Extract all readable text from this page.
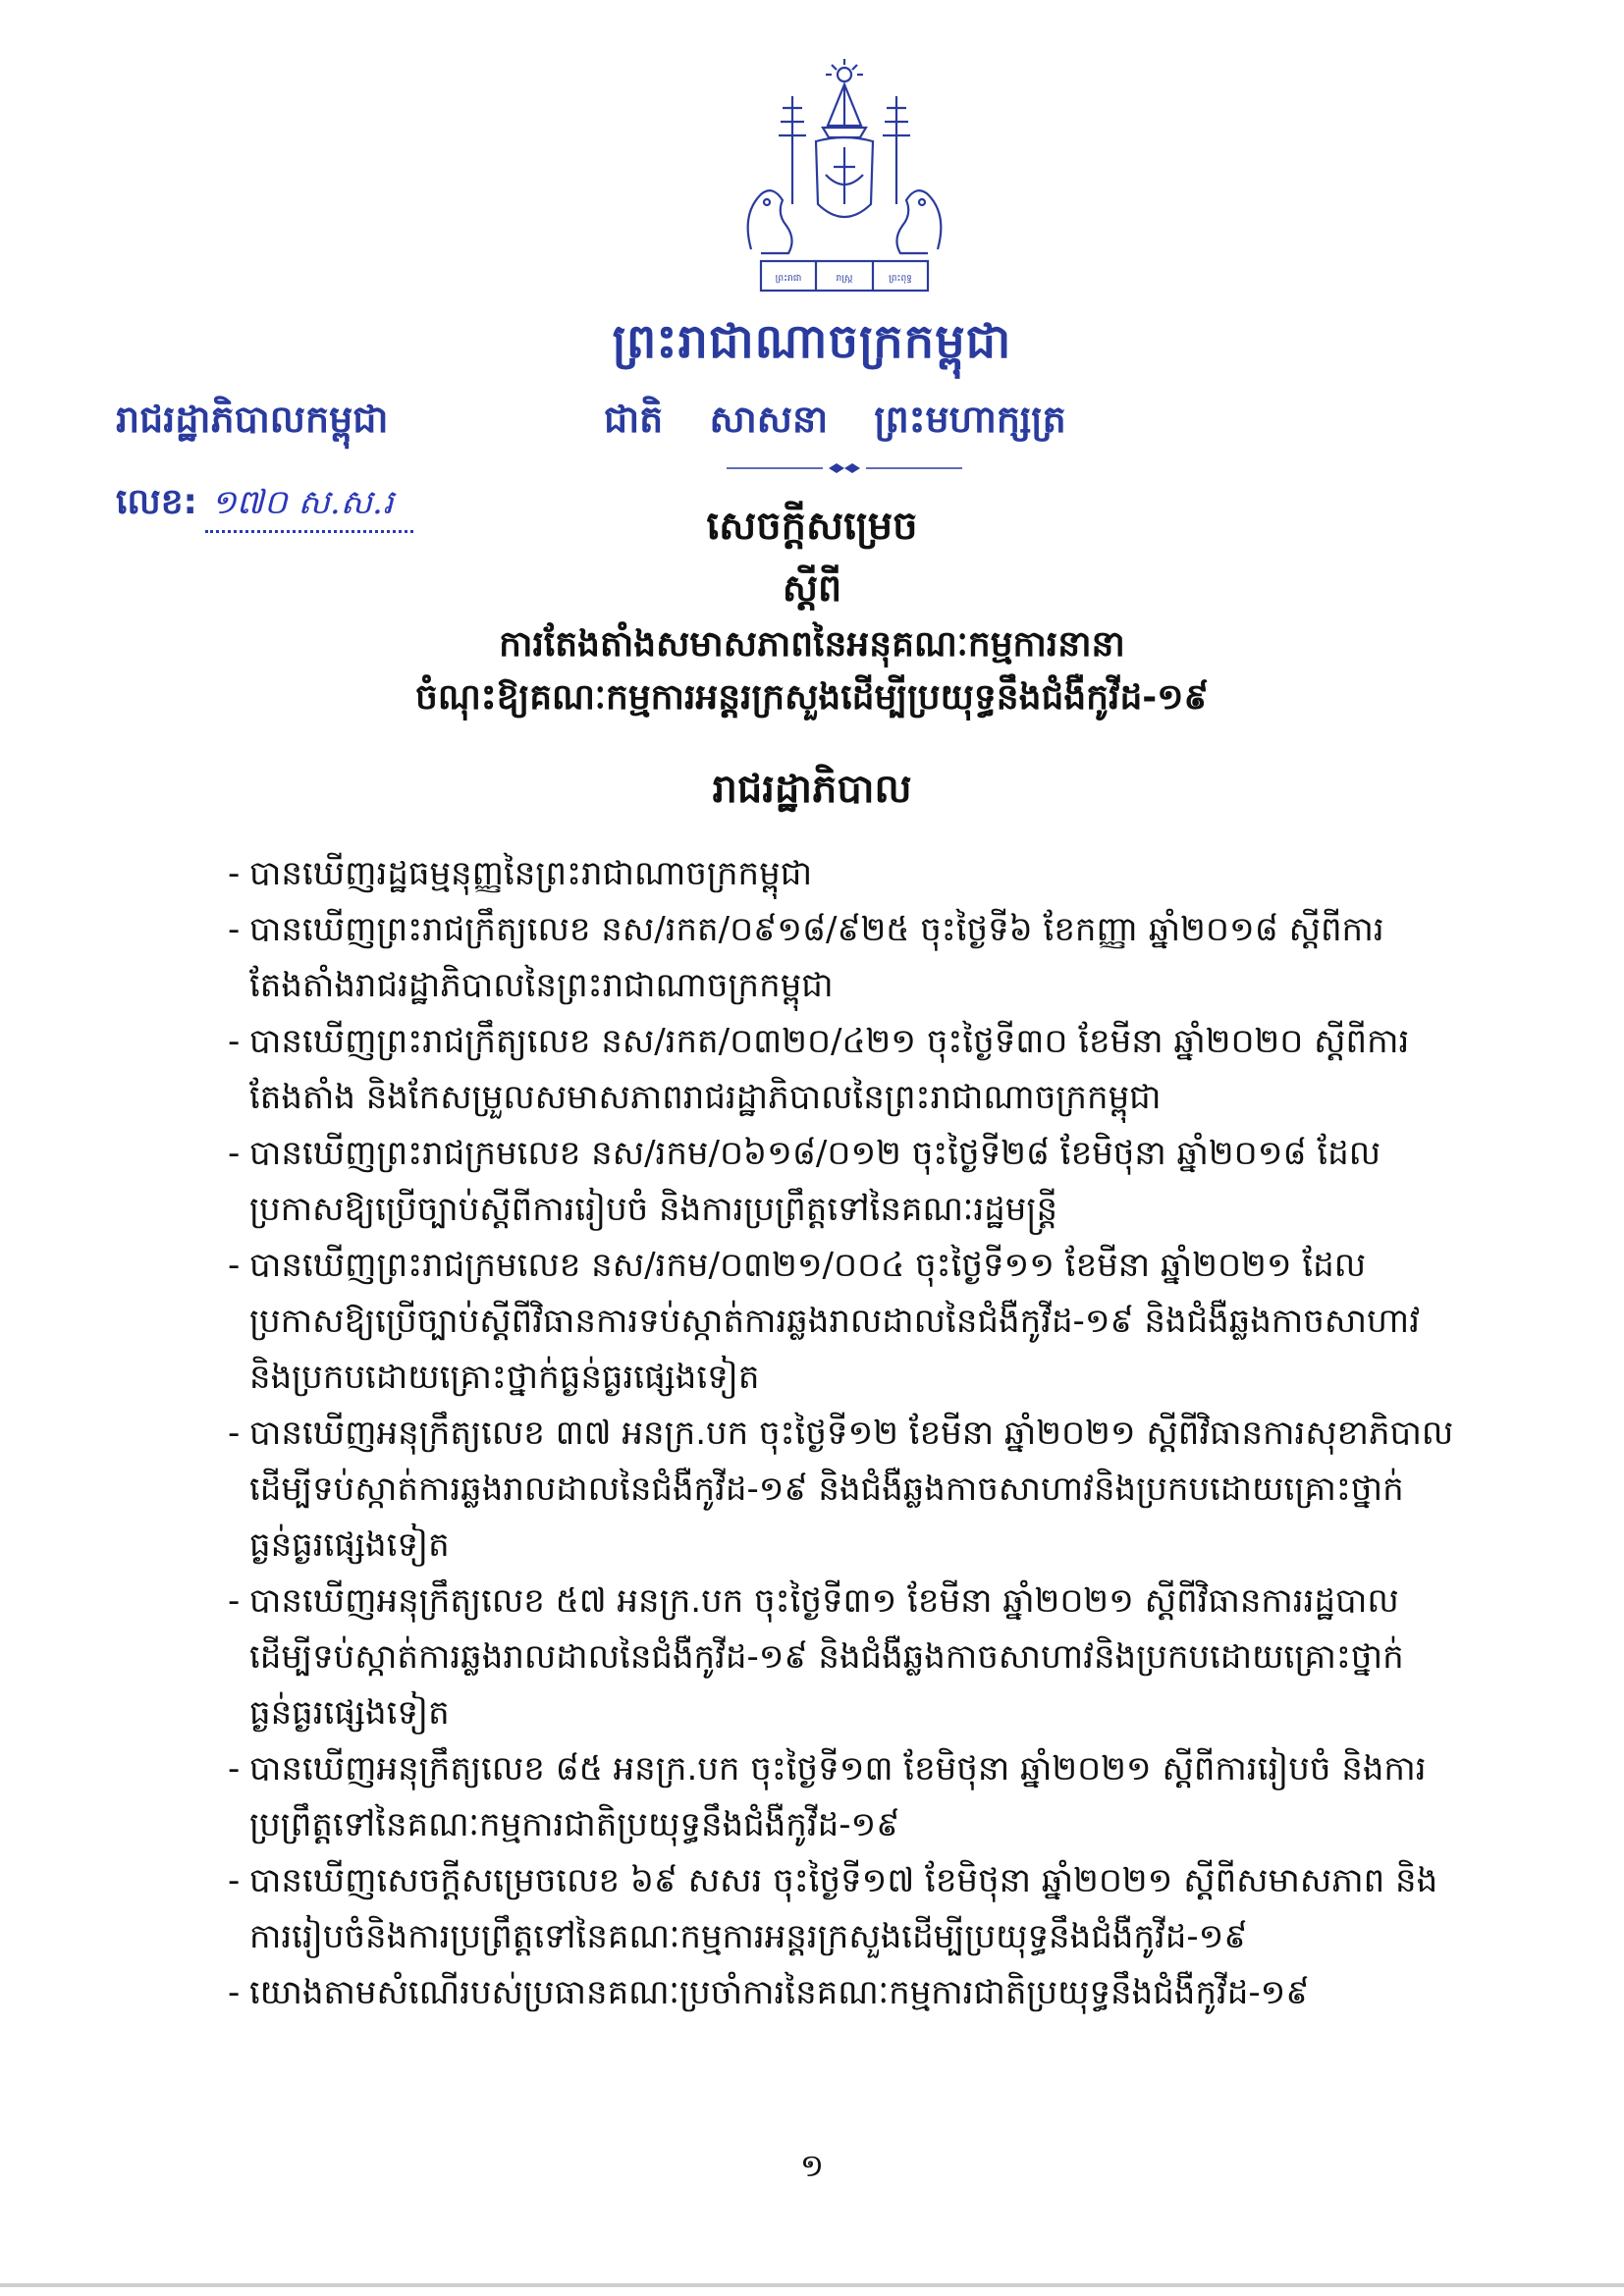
ព្រះរាជា	រាស្ត្រ	ព្រះពុទ្ធ
ព្រះរាជាណាចក្រកម្ពុជា
រាជរដ្ឋាភិបាលកម្ពុជា	ជាតិ សាសនា ព្រះមហាក្សត្រ
លេខ: ១៧០ ស.ស.រ
សេចក្តីសម្រេច
ស្តីពី
ការតែងតាំងសមាសភាពនៃអនុគណៈកម្មការនានា
ចំណុះឱ្យគណៈកម្មការអន្តរក្រសួងដើម្បីប្រយុទ្ធនឹងជំងឺកូវីដ-១៩
រាជរដ្ឋាភិបាល
- បានឃើញរដ្ឋធម្មនុញ្ញនៃព្រះរាជាណាចក្រកម្ពុជា
- បានឃើញព្រះរាជក្រឹត្យលេខ នស/រកត/០៩១៨/៩២៥ ចុះថ្ងៃទី៦ ខែកញ្ញា ឆ្នាំ២០១៨ ស្តីពីការ
តែងតាំងរាជរដ្ឋាភិបាលនៃព្រះរាជាណាចក្រកម្ពុជា
- បានឃើញព្រះរាជក្រឹត្យលេខ នស/រកត/០៣២០/៤២១ ចុះថ្ងៃទី៣០ ខែមីនា ឆ្នាំ២០២០ ស្តីពីការ
តែងតាំង និងកែសម្រួលសមាសភាពរាជរដ្ឋាភិបាលនៃព្រះរាជាណាចក្រកម្ពុជា
- បានឃើញព្រះរាជក្រមលេខ នស/រកម/០៦១៨/០១២ ចុះថ្ងៃទី២៨ ខែមិថុនា ឆ្នាំ២០១៨ ដែល
ប្រកាសឱ្យប្រើច្បាប់ស្តីពីការរៀបចំ និងការប្រព្រឹត្តទៅនៃគណៈរដ្ឋមន្ត្រី
- បានឃើញព្រះរាជក្រមលេខ នស/រកម/០៣២១/០០៤ ចុះថ្ងៃទី១១ ខែមីនា ឆ្នាំ២០២១ ដែល
ប្រកាសឱ្យប្រើច្បាប់ស្តីពីវិធានការទប់ស្កាត់ការឆ្លងរាលដាលនៃជំងឺកូវីដ-១៩ និងជំងឺឆ្លងកាចសាហាវ
និងប្រកបដោយគ្រោះថ្នាក់ធ្ងន់ធ្ងរផ្សេងទៀត
- បានឃើញអនុក្រឹត្យលេខ ៣៧ អនក្រ.បក ចុះថ្ងៃទី១២ ខែមីនា ឆ្នាំ២០២១ ស្តីពីវិធានការសុខាភិបាល
ដើម្បីទប់ស្កាត់ការឆ្លងរាលដាលនៃជំងឺកូវីដ-១៩ និងជំងឺឆ្លងកាចសាហាវនិងប្រកបដោយគ្រោះថ្នាក់
ធ្ងន់ធ្ងរផ្សេងទៀត
- បានឃើញអនុក្រឹត្យលេខ ៥៧ អនក្រ.បក ចុះថ្ងៃទី៣១ ខែមីនា ឆ្នាំ២០២១ ស្តីពីវិធានការរដ្ឋបាល
ដើម្បីទប់ស្កាត់ការឆ្លងរាលដាលនៃជំងឺកូវីដ-១៩ និងជំងឺឆ្លងកាចសាហាវនិងប្រកបដោយគ្រោះថ្នាក់
ធ្ងន់ធ្ងរផ្សេងទៀត
- បានឃើញអនុក្រឹត្យលេខ ៨៥ អនក្រ.បក ចុះថ្ងៃទី១៣ ខែមិថុនា ឆ្នាំ២០២១ ស្តីពីការរៀបចំ និងការ
ប្រព្រឹត្តទៅនៃគណៈកម្មការជាតិប្រយុទ្ធនឹងជំងឺកូវីដ-១៩
- បានឃើញសេចក្តីសម្រេចលេខ ៦៩ សសរ ចុះថ្ងៃទី១៧ ខែមិថុនា ឆ្នាំ២០២១ ស្តីពីសមាសភាព និង
ការរៀបចំនិងការប្រព្រឹត្តទៅនៃគណៈកម្មការអន្តរក្រសួងដើម្បីប្រយុទ្ធនឹងជំងឺកូវីដ-១៩
- យោងតាមសំណើរបស់ប្រធានគណៈប្រចាំការនៃគណៈកម្មការជាតិប្រយុទ្ធនឹងជំងឺកូវីដ-១៩
១
